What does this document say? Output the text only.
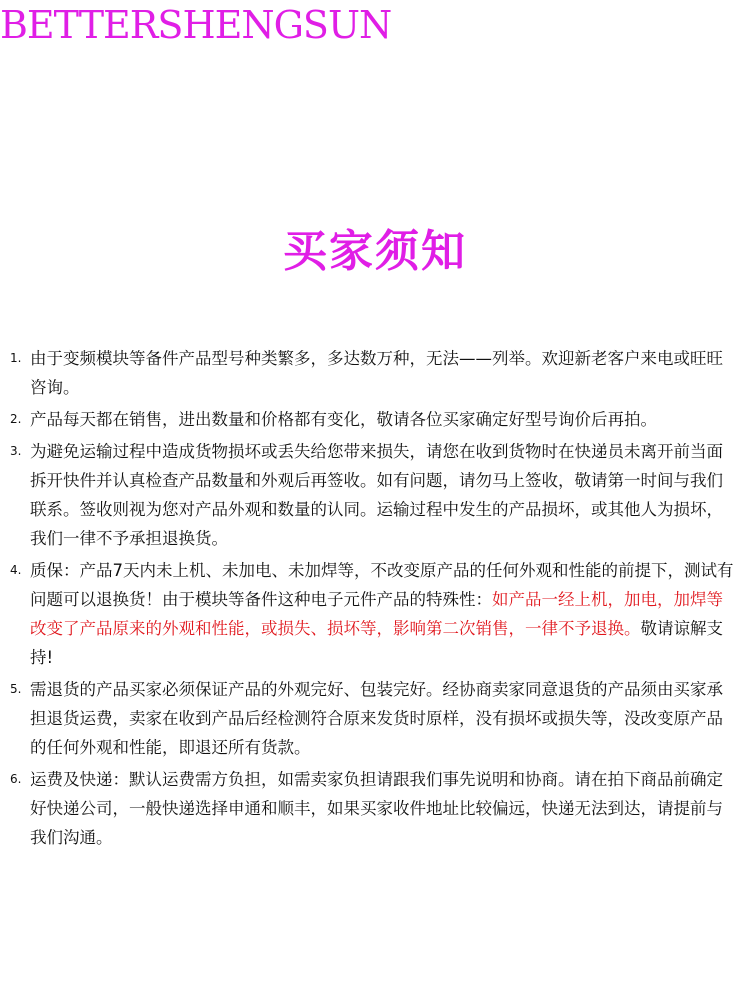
BETTERSHENGSUN
买家须知
1. 由于变频模块等备件产品型号种类繁多，多达数万种，无法——列举。欢迎新老客户来电或旺旺咨询。
2. 产品每天都在销售，进出数量和价格都有变化，敬请各位买家确定好型号询价后再拍。
3. 为避免运输过程中造成货物损坏或丢失给您带来损失，请您在收到货物时在快递员未离开前当面拆开快件并认真检查产品数量和外观后再签收。如有问题，请勿马上签收，敬请第一时间与我们联系。签收则视为您对产品外观和数量的认同。运输过程中发生的产品损坏，或其他人为损坏，我们一律不予承担退换货。
4. 质保：产品7天内未上机、未加电、未加焊等，不改变原产品的任何外观和性能的前提下，测试有问题可以退换货！由于模块等备件这种电子元件产品的特殊性：如产品一经上机，加电，加焊等改变了产品原来的外观和性能，或损失、损坏等，影响第二次销售，一律不予退换。敬请谅解支持!
5. 需退货的产品买家必须保证产品的外观完好、包装完好。经协商卖家同意退货的产品须由买家承担退货运费，卖家在收到产品后经检测符合原来发货时原样，没有损坏或损失等，没改变原产品的任何外观和性能，即退还所有货款。
6. 运费及快递：默认运费需方负担，如需卖家负担请跟我们事先说明和协商。请在拍下商品前确定好快递公司，一般快递选择申通和顺丰，如果买家收件地址比较偏远，快递无法到达，请提前与我们沟通。
